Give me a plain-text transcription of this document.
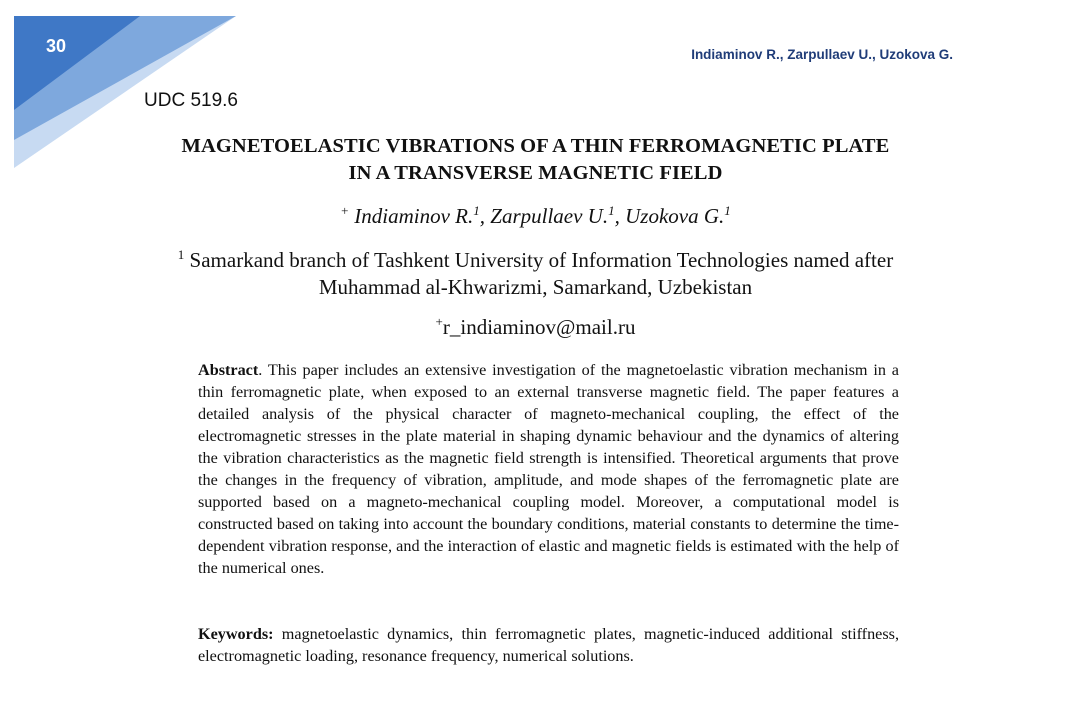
30	Indiaminov R., Zarpullaev U., Uzokova G.
UDC 519.6
MAGNETOELASTIC VIBRATIONS OF A THIN FERROMAGNETIC PLATE
IN A TRANSVERSE MAGNETIC FIELD
+ Indiaminov R.$^1$, Zarpullaev U.$^1$, Uzokova G.$^1$
$^1$ Samarkand branch of Tashkent University of Information Technologies named after
Muhammad al-Khwarizmi, Samarkand, Uzbekistan
+r_indiaminov@mail.ru

Abstract. This paper includes an extensive investigation of the magnetoelastic vibration mechanism in a thin ferromagnetic plate, when exposed to an external transverse magnetic field. The paper features a detailed analysis of the physical character of magneto-mechanical coupling, the effect of the electromagnetic stresses in the plate material in shaping dynamic behaviour and the dynamics of altering the vibration characteristics as the magnetic field strength is intensified. Theoretical arguments that prove the changes in the frequency of vibration, amplitude, and mode shapes of the ferromagnetic plate are supported based on a magneto-mechanical coupling model. Moreover, a computational model is constructed based on taking into account the boundary conditions, material constants to determine the time-dependent vibration response, and the interaction of elastic and magnetic fields is estimated with the help of the numerical ones.

Keywords: magnetoelastic dynamics, thin ferromagnetic plates, magnetic-induced additional stiffness, electromagnetic loading, resonance frequency, numerical solutions.
